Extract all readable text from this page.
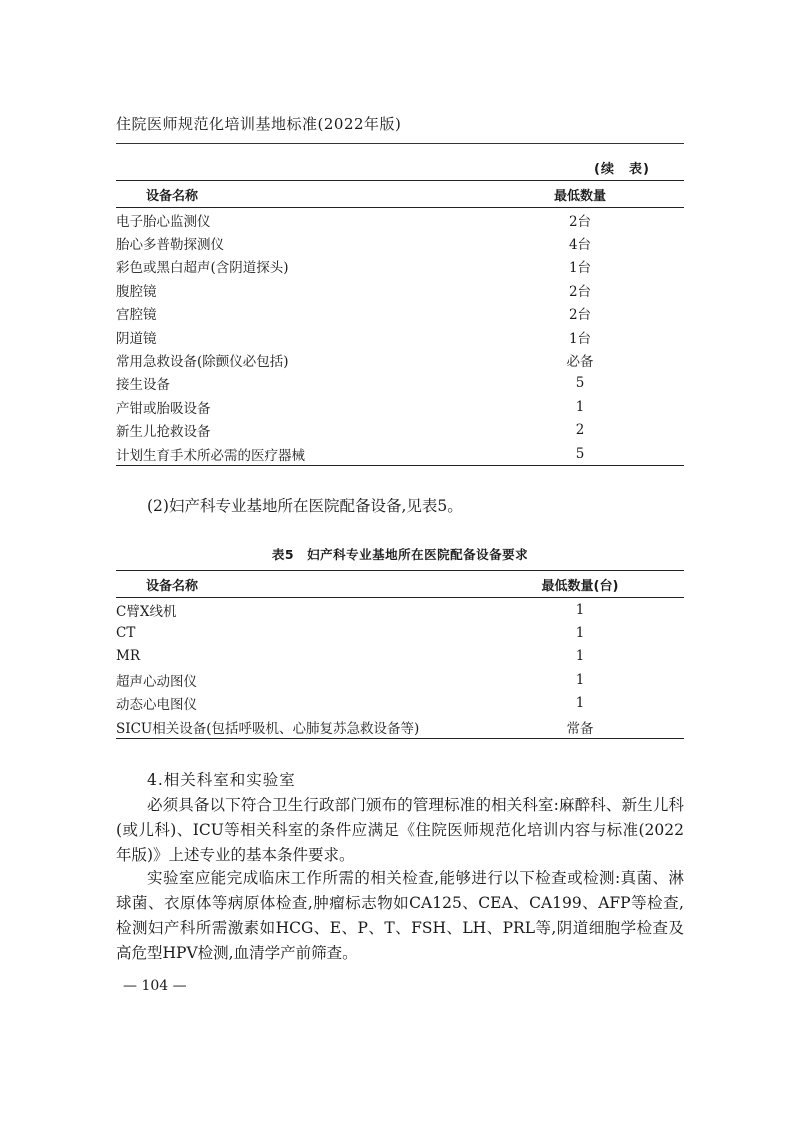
住院医师规范化培训基地标准(2022年版)
(续　表)
设备名称	最低数量
电子胎心监测仪	2台
胎心多普勒探测仪	4台
彩色或黑白超声(含阴道探头)	1台
腹腔镜	2台
宫腔镜	2台
阴道镜	1台
常用急救设备(除颤仪必包括)	必备
接生设备	5
产钳或胎吸设备	1
新生儿抢救设备	2
计划生育手术所必需的医疗器械	5
(2)妇产科专业基地所在医院配备设备,见表5。
表5　妇产科专业基地所在医院配备设备要求
设备名称	最低数量(台)
C臂X线机	1
CT	1
MR	1
超声心动图仪	1
动态心电图仪	1
SICU相关设备(包括呼吸机、心肺复苏急救设备等)	常备
4.相关科室和实验室
必须具备以下符合卫生行政部门颁布的管理标准的相关科室:麻醉科、新生儿科(或儿科)、ICU等相关科室的条件应满足《住院医师规范化培训内容与标准(2022年版)》上述专业的基本条件要求。
实验室应能完成临床工作所需的相关检查,能够进行以下检查或检测:真菌、淋球菌、衣原体等病原体检查,肿瘤标志物如CA125、CEA、CA199、AFP等检查,检测妇产科所需激素如HCG、E、P、T、FSH、LH、PRL等,阴道细胞学检查及高危型HPV检测,血清学产前筛查。
— 104 —
